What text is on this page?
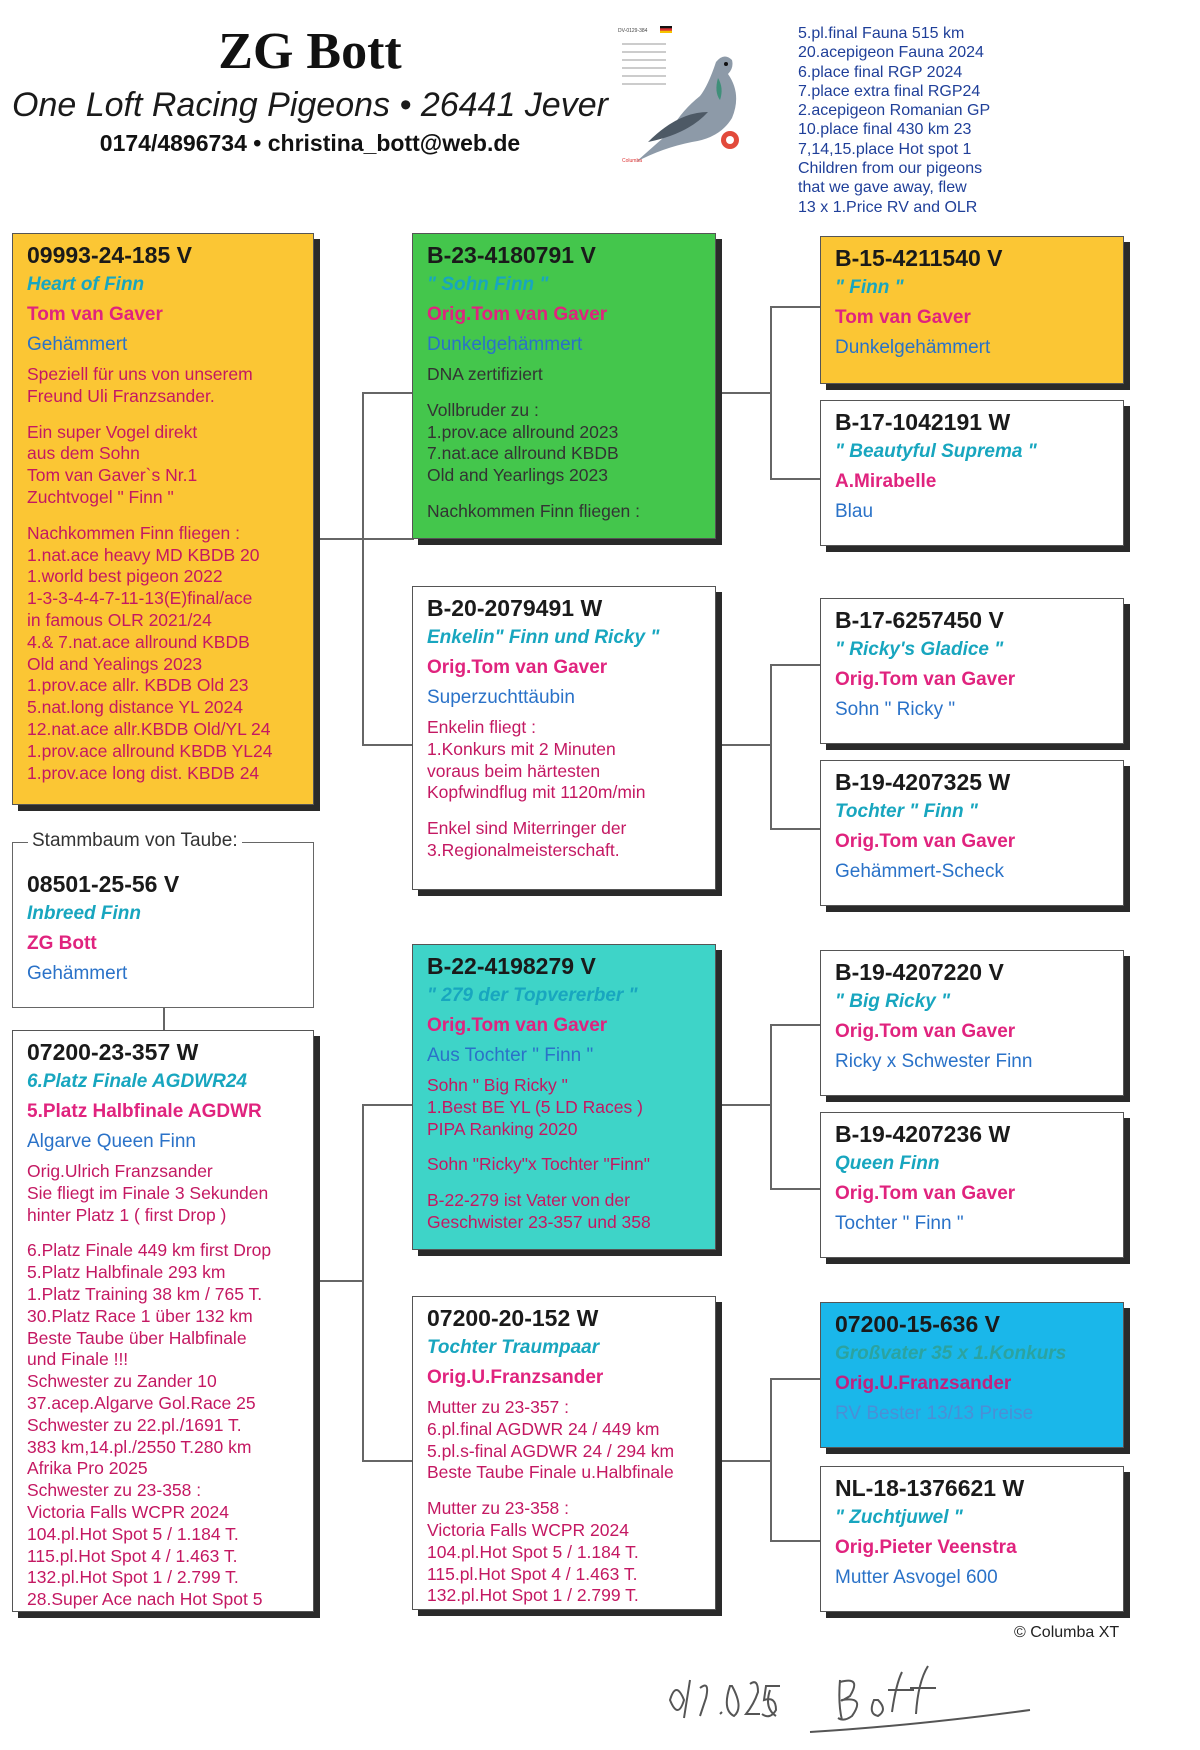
ZG Bott
One Loft Racing Pigeons • 26441 Jever
0174/4896734 • christina_bott@web.de
DV-0129-384
Columba
5.pl.final Fauna 515 km
20.acepigeon Fauna 2024
6.place final RGP 2024
7.place extra final RGP24
2.acepigeon Romanian GP
10.place final 430 km 23
7,14,15.place Hot spot 1
Children from our pigeons
that we gave away, flew
13 x 1.Price RV and OLR
08501-25-56 V
Inbreed Finn
ZG Bott
Gehämmert
Stammbaum von Taube:
09993-24-185 V
Heart of Finn
Tom van Gaver
Gehämmert
Speziell für uns von unserem
Freund Uli Franzsander.
Ein super Vogel direkt
aus dem Sohn
Tom van Gaver`s Nr.1
Zuchtvogel " Finn "
Nachkommen Finn fliegen :
1.nat.ace heavy MD KBDB 20
1.world best pigeon 2022
1-3-3-4-4-7-11-13(E)final/ace
in famous OLR 2021/24
4.& 7.nat.ace allround KBDB
Old and Yealings 2023
1.prov.ace allr. KBDB Old 23
5.nat.long distance YL 2024
12.nat.ace allr.KBDB Old/YL 24
1.prov.ace allround KBDB YL24
1.prov.ace long dist. KBDB 24
07200-23-357 W
6.Platz Finale AGDWR24
5.Platz Halbfinale AGDWR
Algarve Queen Finn
Orig.Ulrich Franzsander
Sie fliegt im Finale 3 Sekunden
hinter Platz 1 ( first Drop )
6.Platz Finale 449 km first Drop
5.Platz Halbfinale 293 km
1.Platz Training 38 km / 765 T.
30.Platz Race 1 über 132 km
Beste Taube über Halbfinale
und Finale !!!
Schwester zu Zander 10
37.acep.Algarve Gol.Race 25
Schwester zu 22.pl./1691 T.
383 km,14.pl./2550 T.280 km
Afrika Pro 2025
Schwester zu 23-358 :
Victoria Falls WCPR 2024
104.pl.Hot Spot 5 / 1.184 T.
115.pl.Hot Spot 4 / 1.463 T.
132.pl.Hot Spot 1 / 2.799 T.
28.Super Ace nach Hot Spot 5
B-23-4180791 V
" Sohn Finn "
Orig.Tom van Gaver
Dunkelgehämmert
DNA zertifiziert
Vollbruder zu :
1.prov.ace allround 2023
7.nat.ace allround KBDB
Old and Yearlings 2023
Nachkommen Finn fliegen :
B-20-2079491 W
Enkelin" Finn und Ricky "
Orig.Tom van Gaver
Superzuchttäubin
Enkelin fliegt :
1.Konkurs mit 2 Minuten
voraus beim härtesten
Kopfwindflug mit 1120m/min
Enkel sind Miterringer der
3.Regionalmeisterschaft.
B-22-4198279 V
" 279 der Topvererber "
Orig.Tom van Gaver
Aus Tochter " Finn "
Sohn " Big Ricky "
1.Best BE YL (5 LD Races )
PIPA Ranking 2020
Sohn "Ricky"x Tochter "Finn"
B-22-279 ist Vater von der
Geschwister 23-357 und 358
07200-20-152 W
Tochter Traumpaar
Orig.U.Franzsander
Mutter zu 23-357 :
6.pl.final AGDWR 24 / 449 km
5.pl.s-final AGDWR 24 / 294 km
Beste Taube Finale u.Halbfinale
Mutter zu 23-358 :
Victoria Falls WCPR 2024
104.pl.Hot Spot 5 / 1.184 T.
115.pl.Hot Spot 4 / 1.463 T.
132.pl.Hot Spot 1 / 2.799 T.
B-15-4211540 V
" Finn "
Tom van Gaver
Dunkelgehämmert
B-17-1042191 W
" Beautyful Suprema "
A.Mirabelle
Blau
B-17-6257450 V
" Ricky's Gladice "
Orig.Tom van Gaver
Sohn " Ricky "
B-19-4207325 W
Tochter " Finn "
Orig.Tom van Gaver
Gehämmert-Scheck
B-19-4207220 V
" Big Ricky "
Orig.Tom van Gaver
Ricky x Schwester Finn
B-19-4207236 W
Queen Finn
Orig.Tom van Gaver
Tochter " Finn "
07200-15-636 V
Großvater 35 x 1.Konkurs
Orig.U.Franzsander
RV Bester 13/13 Preise
NL-18-1376621 W
" Zuchtjuwel "
Orig.Pieter Veenstra
Mutter Asvogel 600
© Columba XT
